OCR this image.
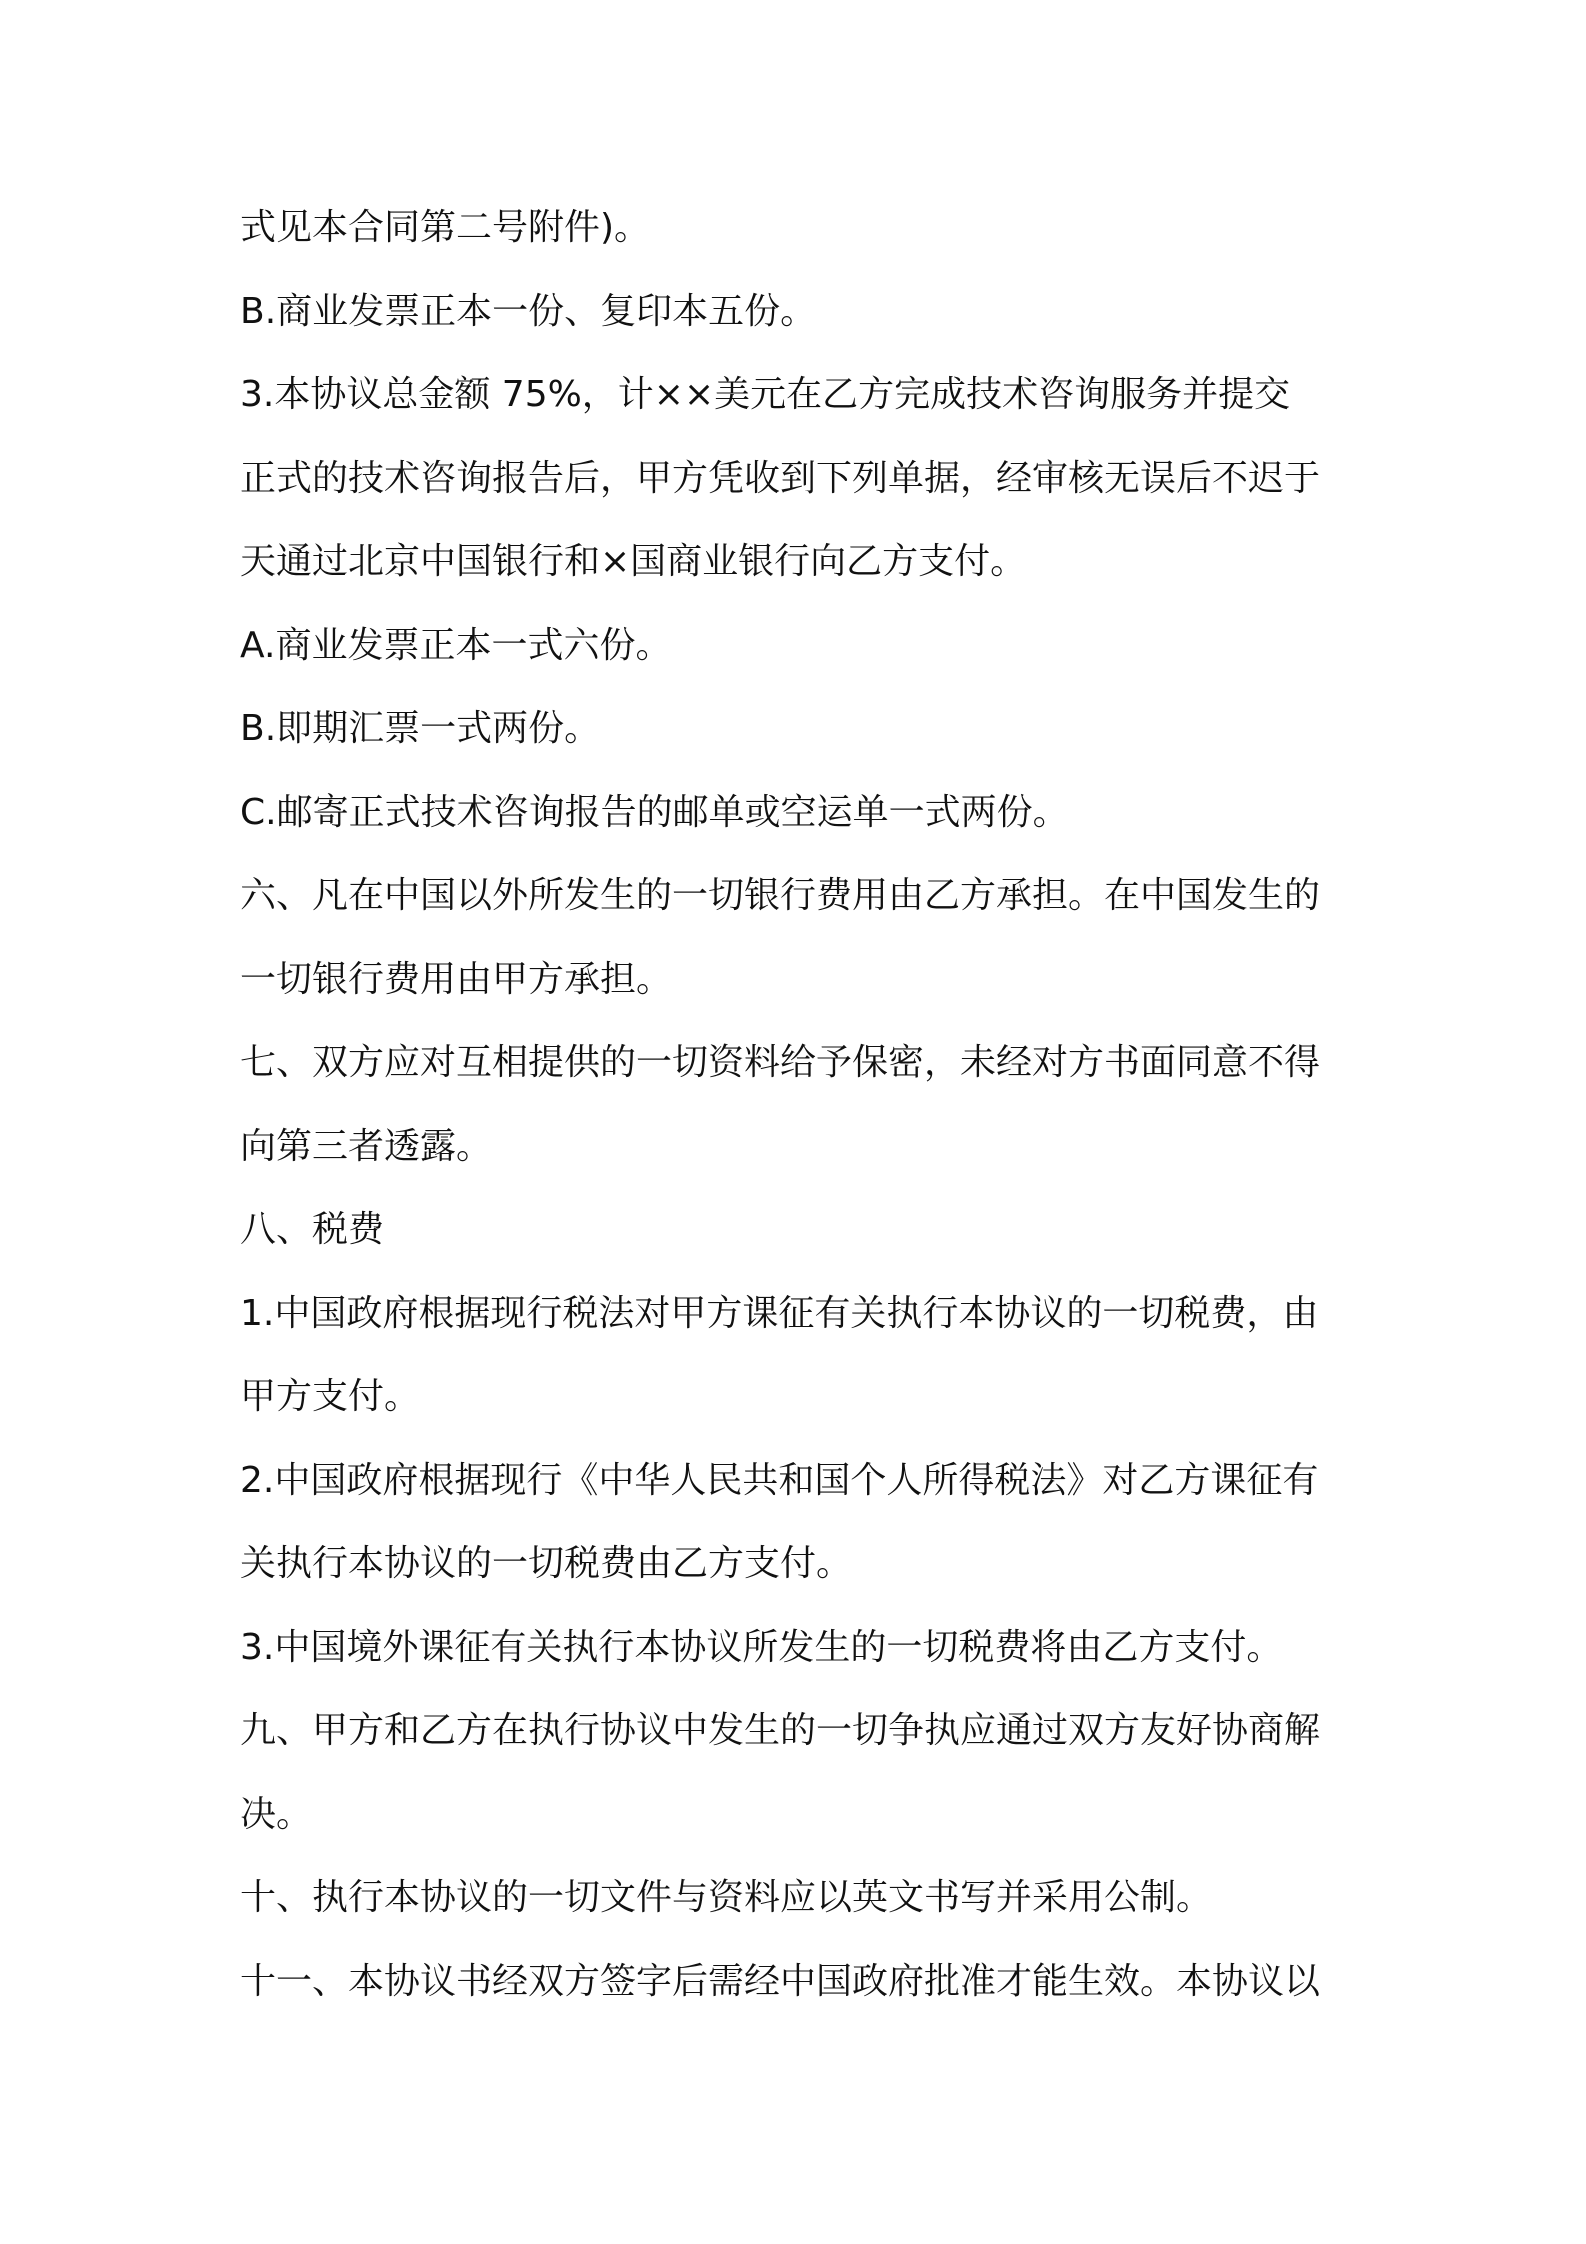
式见本合同第二号附件)。
B.商业发票正本一份、复印本五份。
3.本协议总金额 75%，计××美元在乙方完成技术咨询服务并提交
正式的技术咨询报告后，甲方凭收到下列单据，经审核无误后不迟于
天通过北京中国银行和×国商业银行向乙方支付。
A.商业发票正本一式六份。
B.即期汇票一式两份。
C.邮寄正式技术咨询报告的邮单或空运单一式两份。
六、凡在中国以外所发生的一切银行费用由乙方承担。在中国发生的
一切银行费用由甲方承担。
七、双方应对互相提供的一切资料给予保密，未经对方书面同意不得
向第三者透露。
八、税费
1.中国政府根据现行税法对甲方课征有关执行本协议的一切税费，由
甲方支付。
2.中国政府根据现行《中华人民共和国个人所得税法》对乙方课征有
关执行本协议的一切税费由乙方支付。
3.中国境外课征有关执行本协议所发生的一切税费将由乙方支付。
九、甲方和乙方在执行协议中发生的一切争执应通过双方友好协商解
决。
十、执行本协议的一切文件与资料应以英文书写并采用公制。
十一、本协议书经双方签字后需经中国政府批准才能生效。本协议以
